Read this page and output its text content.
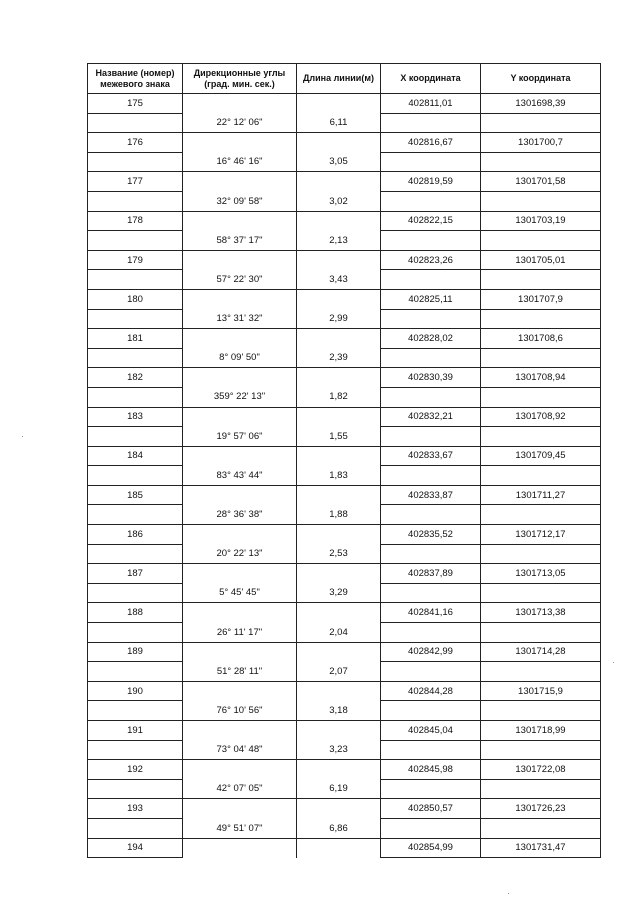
Название (номер) межевого знака	Дирекционные углы (град. мин. сек.)	Длина линии(м)	X координата	Y координата
175			402811,01	1301698,39
	22° 12' 06"	6,11		
176			402816,67	1301700,7
	16° 46' 16"	3,05		
177			402819,59	1301701,58
	32° 09' 58"	3,02		
178			402822,15	1301703,19
	58° 37' 17"	2,13		
179			402823,26	1301705,01
	57° 22' 30"	3,43		
180			402825,11	1301707,9
	13° 31' 32"	2,99		
181			402828,02	1301708,6
	8° 09' 50"	2,39		
182			402830,39	1301708,94
	359° 22' 13"	1,82		
183			402832,21	1301708,92
	19° 57' 06"	1,55		
184			402833,67	1301709,45
	83° 43' 44"	1,83		
185			402833,87	1301711,27
	28° 36' 38"	1,88		
186			402835,52	1301712,17
	20° 22' 13"	2,53		
187			402837,89	1301713,05
	5° 45' 45"	3,29		
188			402841,16	1301713,38
	26° 11' 17"	2,04		
189			402842,99	1301714,28
	51° 28' 11"	2,07		
190			402844,28	1301715,9
	76° 10' 56"	3,18		
191			402845,04	1301718,99
	73° 04' 48"	3,23		
192			402845,98	1301722,08
	42° 07' 05"	6,19		
193			402850,57	1301726,23
	49° 51' 07"	6,86		
194			402854,99	1301731,47
